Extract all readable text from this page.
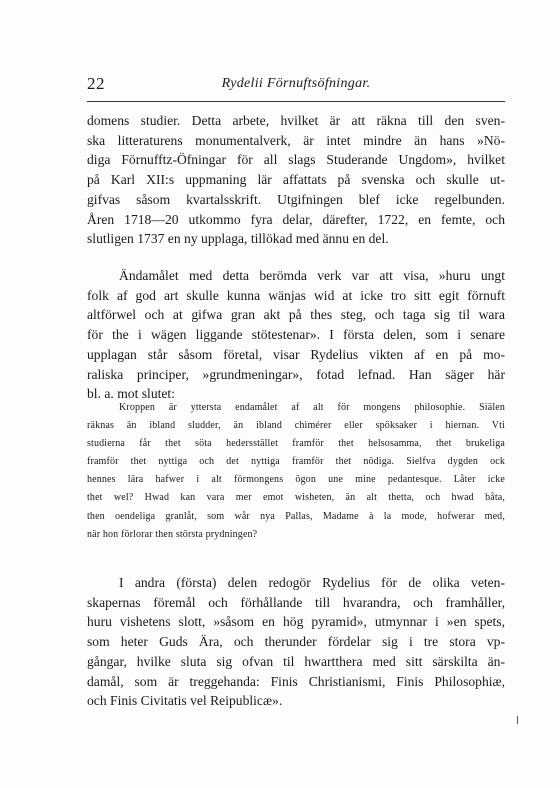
22	Rydelii Förnuftsöfningar.

domens studier. Detta arbete, hvilket är att räkna till den sven-
ska litteraturens monumentalverk, är intet mindre än hans »Nö-
diga Förnufftz-Öfningar för all slags Studerande Ungdom», hvilket
på Karl XII:s uppmaning lär affattats på svenska och skulle ut-
gifvas såsom kvartalsskrift. Utgifningen blef icke regelbunden.
Åren 1718—20 utkommo fyra delar, därefter, 1722, en femte, och
slutligen 1737 en ny upplaga, tillökad med ännu en del.

Ändamålet med detta berömda verk var att visa, »huru ungt
folk af god art skulle kunna wänjas wid at icke tro sitt egit förnuft
altförwel och at gifwa gran akt på thes steg, och taga sig til wara
för the i wägen liggande stötestenar». I första delen, som i senare
upplagan står såsom företal, visar Rydelius vikten af en på mo-
raliska principer, »grundmeningar», fotad lefnad. Han säger här
bl. a. mot slutet:

Kroppen är yttersta endamålet af alt för mongens philosophie. Siälen
räknas än ibland sludder, än ibland chimérer eller spöksaker i hiernan. Vti
studierna får thet söta hedersstället framför thet helsosamma, thet brukeliga
framför thet nyttiga och det nyttiga framför thet nödiga. Sielfva dygden ock
hennes lära hafwer i alt förmongens ögon une mine pedantesque. Låter icke
thet wel? Hwad kan vara mer emot wisheten, än alt thetta, och hwad båta,
then oendeliga granlåt, som wår nya Pallas, Madame à la mode, hofwerar med,
när hon förlorar then största prydningen?

I andra (första) delen redogör Rydelius för de olika veten-
skapernas föremål och förhållande till hvarandra, och framhåller,
huru vishetens slott, »såsom en hög pyramid», utmynnar i »en spets,
som heter Guds Ära, och therunder fördelar sig i tre stora vp-
gångar, hvilke sluta sig ofvan til hwartthera med sitt särskilta än-
damål, som är treggehanda: Finis Christianismi, Finis Philosophiæ,
och Finis Civitatis vel Reipublicæ».
